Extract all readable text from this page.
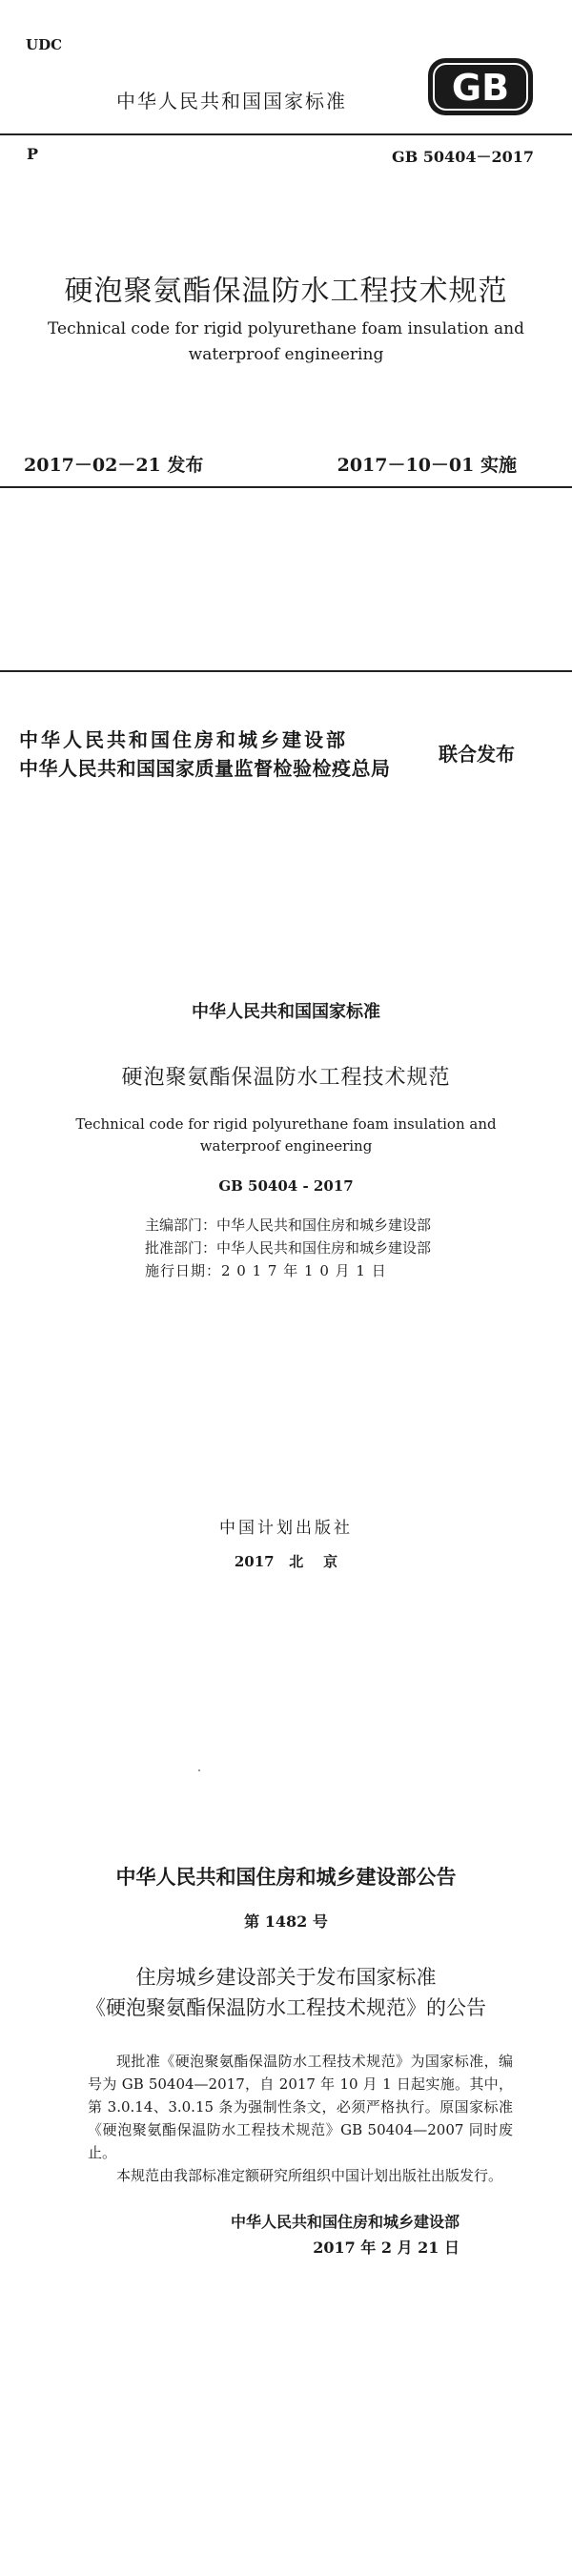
UDC
中华人民共和国国家标准	GB
P	GB 50404－2017
硬泡聚氨酯保温防水工程技术规范
Technical code for rigid polyurethane foam insulation and
waterproof engineering
2017－02－21 发布	2017－10－01 实施
中华人民共和国住房和城乡建设部
中华人民共和国国家质量监督检验检疫总局
联合发布
中华人民共和国国家标准
硬泡聚氨酯保温防水工程技术规范
Technical code for rigid polyurethane foam insulation and
waterproof engineering
GB 50404 - 2017
主编部门：中华人民共和国住房和城乡建设部
批准部门：中华人民共和国住房和城乡建设部
施行日期：2 0 1 7 年 1 0 月 1 日
中国计划出版社
2017   北    京
中华人民共和国住房和城乡建设部公告
第 1482 号
住房城乡建设部关于发布国家标准
《硬泡聚氨酯保温防水工程技术规范》的公告

现批准《硬泡聚氨酯保温防水工程技术规范》为国家标准，编号为 GB 50404—2017，自 2017 年 10 月 1 日起实施。其中，第 3.0.14、3.0.15 条为强制性条文，必须严格执行。原国家标准《硬泡聚氨酯保温防水工程技术规范》GB 50404—2007 同时废止。

本规范由我部标准定额研究所组织中国计划出版社出版发行。

中华人民共和国住房和城乡建设部
2017 年 2 月 21 日
